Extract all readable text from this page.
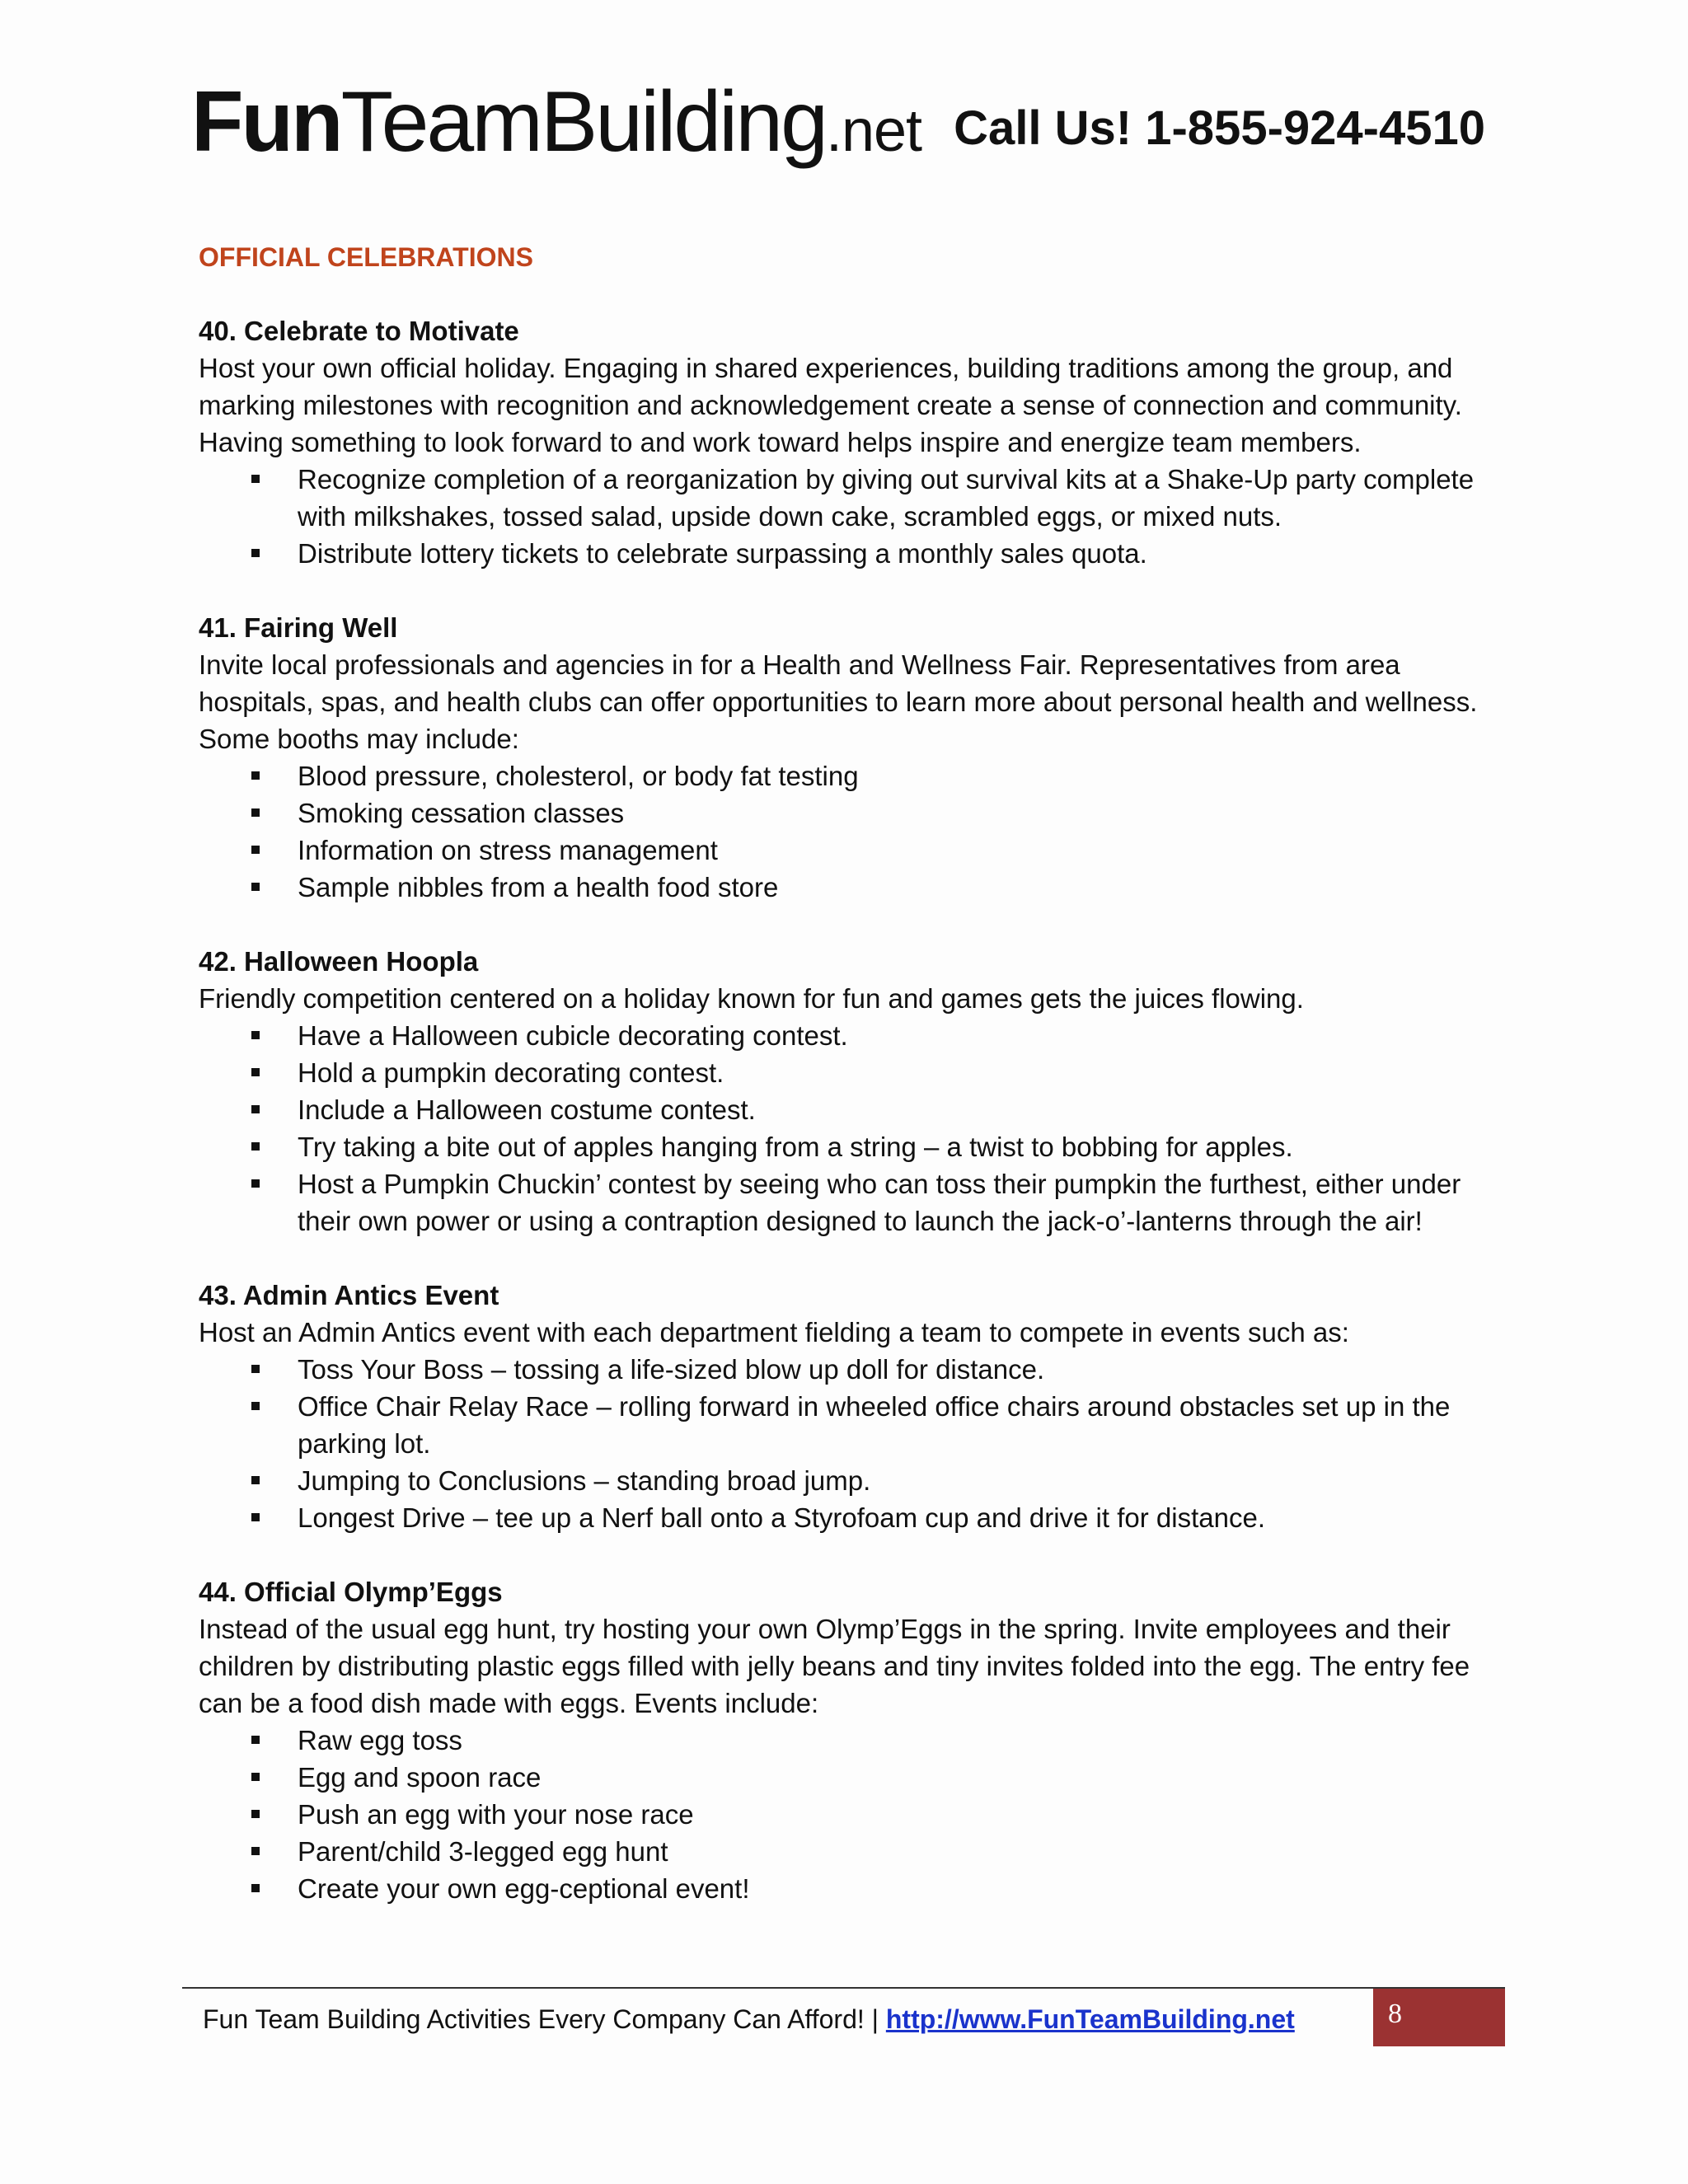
FunTeamBuilding.net Call Us! 1-855-924-4510
OFFICIAL CELEBRATIONS
40. Celebrate to Motivate
Host your own official holiday. Engaging in shared experiences, building traditions among the group, and marking milestones with recognition and acknowledgement create a sense of connection and community. Having something to look forward to and work toward helps inspire and energize team members.
Recognize completion of a reorganization by giving out survival kits at a Shake-Up party complete with milkshakes, tossed salad, upside down cake, scrambled eggs, or mixed nuts.
Distribute lottery tickets to celebrate surpassing a monthly sales quota.
41. Fairing Well
Invite local professionals and agencies in for a Health and Wellness Fair. Representatives from area hospitals, spas, and health clubs can offer opportunities to learn more about personal health and wellness. Some booths may include:
Blood pressure, cholesterol, or body fat testing
Smoking cessation classes
Information on stress management
Sample nibbles from a health food store
42. Halloween Hoopla
Friendly competition centered on a holiday known for fun and games gets the juices flowing.
Have a Halloween cubicle decorating contest.
Hold a pumpkin decorating contest.
Include a Halloween costume contest.
Try taking a bite out of apples hanging from a string – a twist to bobbing for apples.
Host a Pumpkin Chuckin’ contest by seeing who can toss their pumpkin the furthest, either under their own power or using a contraption designed to launch the jack-o’-lanterns through the air!
43. Admin Antics Event
Host an Admin Antics event with each department fielding a team to compete in events such as:
Toss Your Boss – tossing a life-sized blow up doll for distance.
Office Chair Relay Race – rolling forward in wheeled office chairs around obstacles set up in the parking lot.
Jumping to Conclusions – standing broad jump.
Longest Drive – tee up a Nerf ball onto a Styrofoam cup and drive it for distance.
44. Official Olymp’Eggs
Instead of the usual egg hunt, try hosting your own Olymp’Eggs in the spring. Invite employees and their children by distributing plastic eggs filled with jelly beans and tiny invites folded into the egg. The entry fee can be a food dish made with eggs. Events include:
Raw egg toss
Egg and spoon race
Push an egg with your nose race
Parent/child 3-legged egg hunt
Create your own egg-ceptional event!
Fun Team Building Activities Every Company Can Afford! | http://www.FunTeamBuilding.net	8
